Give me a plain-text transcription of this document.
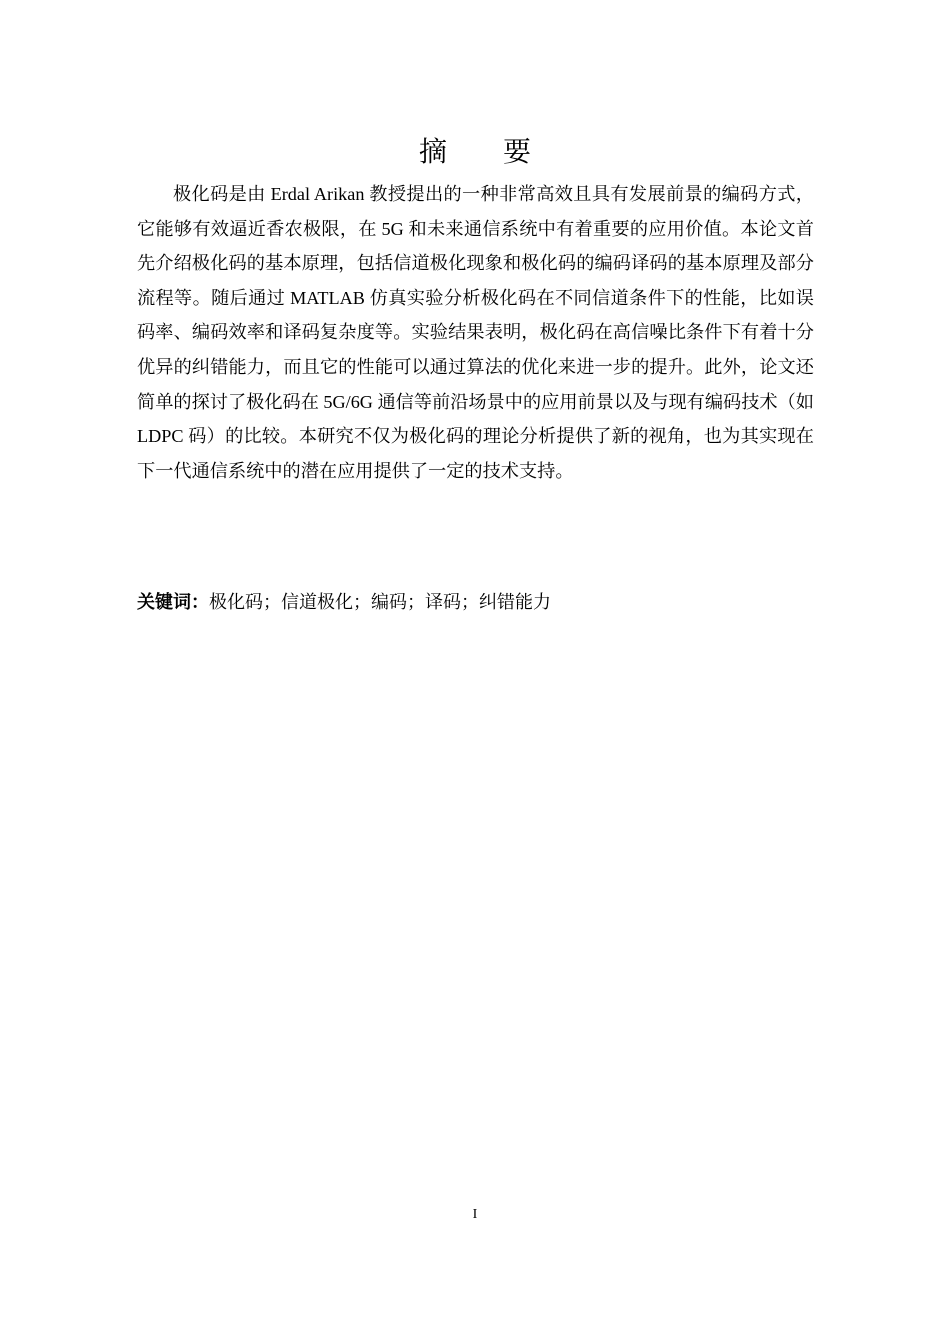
摘 要

极化码是由 Erdal Arikan 教授提出的一种非常高效且具有发展前景的编码方式，它能够有效逼近香农极限，在 5G 和未来通信系统中有着重要的应用价值。本论文首先介绍极化码的基本原理，包括信道极化现象和极化码的编码译码的基本原理及部分流程等。随后通过 MATLAB 仿真实验分析极化码在不同信道条件下的性能，比如误码率、编码效率和译码复杂度等。实验结果表明，极化码在高信噪比条件下有着十分优异的纠错能力，而且它的性能可以通过算法的优化来进一步的提升。此外，论文还简单的探讨了极化码在 5G/6G 通信等前沿场景中的应用前景以及与现有编码技术（如 LDPC 码）的比较。本研究不仅为极化码的理论分析提供了新的视角，也为其实现在下一代通信系统中的潜在应用提供了一定的技术支持。

关键词：极化码；信道极化；编码；译码；纠错能力

I
